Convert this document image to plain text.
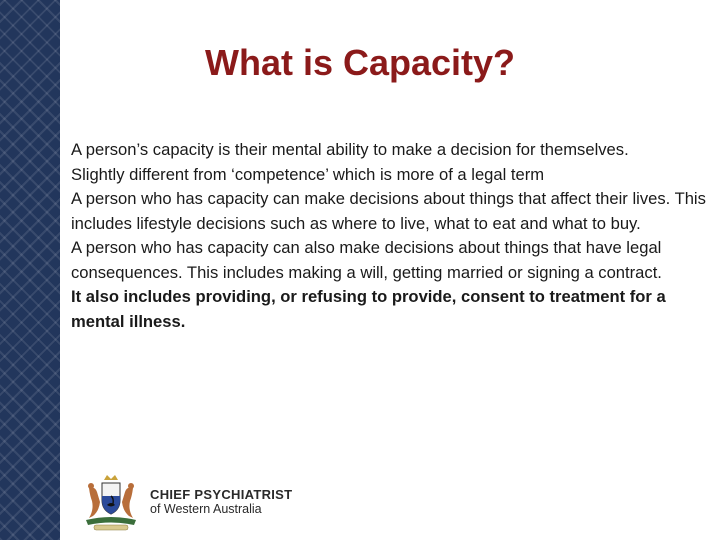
What is Capacity?

A person’s capacity is their mental ability to make a decision for themselves.

Slightly different from ‘competence’ which is more of a legal term

A person who has capacity can make decisions about things that affect their lives. This includes lifestyle decisions such as where to live, what to eat and what to buy.

A person who has capacity can also make decisions about things that have legal consequences. This includes making a will, getting married or signing a contract.

It also includes providing, or refusing to provide, consent to treatment for a mental illness.

CHIEF PSYCHIATRIST
of Western Australia
